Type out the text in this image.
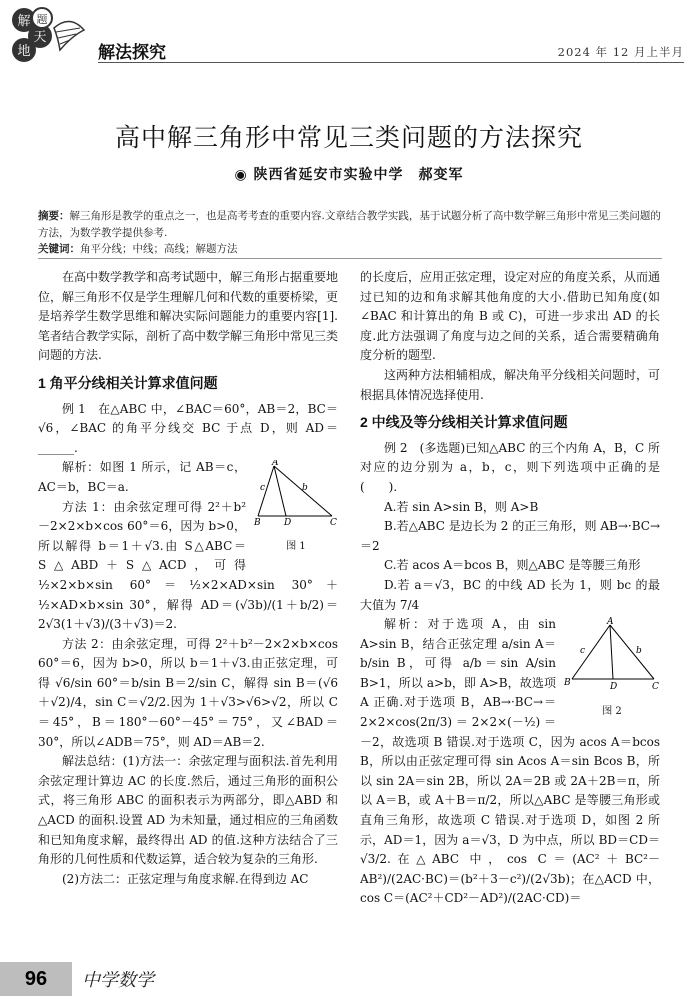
解 题
天
地	解法探究	2024 年 12 月上半月
高中解三角形中常见三类问题的方法探究
◉ 陕西省延安市实验中学　郝变军
摘要：解三角形是教学的重点之一，也是高考考查的重要内容.文章结合教学实践，基于试题分析了高中数学解三角形中常见三类问题的方法，为数学教学提供参考.
关键词：角平分线；中线；高线；解题方法

在高中数学教学和高考试题中，解三角形占据重要地位，解三角形不仅是学生理解几何和代数的重要桥梁，更是培养学生数学思维和解决实际问题能力的重要内容[1].笔者结合教学实际，剖析了高中数学解三角形中常见三类问题的方法.

1 角平分线相关计算求值问题

例 1　在△ABC 中，∠BAC＝60°，AB＝2，BC＝√6，∠BAC 的角平分线交 BC 于点 D，则 AD＝______.

A
B	C
D
c	b
图 1

解析：如图 1 所示，记 AB＝c，AC＝b，BC＝a.

方法 1：由余弦定理可得 2²＋b²－2×2×b×cos 60°＝6，因为 b>0，所以解得 b＝1＋√3.由 S△ABC＝S△ABD＋S△ACD，可得 ½×2×b×sin 60°＝½×2×AD×sin 30°＋½×AD×b×sin 30°，解得 AD＝(√3b)/(1＋b/2)＝2√3(1＋√3)/(3＋√3)＝2.

方法 2：由余弦定理，可得 2²＋b²－2×2×b×cos 60°＝6，因为 b>0，所以 b＝1＋√3.由正弦定理，可得 √6/sin 60°＝b/sin B＝2/sin C，解得 sin B＝(√6＋√2)/4，sin C＝√2/2.因为 1＋√3>√6>√2，所以 C＝45°，B＝180°－60°－45°＝75°，又∠BAD＝30°，所以∠ADB＝75°，则 AD＝AB＝2.

解法总结：(1)方法一：余弦定理与面积法.首先利用余弦定理计算边 AC 的长度.然后，通过三角形的面积公式，将三角形 ABC 的面积表示为两部分，即△ABD 和△ACD 的面积.设置 AD 为未知量，通过相应的三角函数和已知角度求解，最终得出 AD 的值.这种方法结合了三角形的几何性质和代数运算，适合较为复杂的三角形.

(2)方法二：正弦定理与角度求解.在得到边 AC

的长度后，应用正弦定理，设定对应的角度关系，从而通过已知的边和角求解其他角度的大小.借助已知角度(如∠BAC 和计算出的角 B 或 C)，可进一步求出 AD 的长度.此方法强调了角度与边之间的关系，适合需要精确角度分析的题型.

这两种方法相辅相成，解决角平分线相关问题时，可根据具体情况选择使用.

2 中线及等分线相关计算求值问题

例 2　(多选题)已知△ABC 的三个内角 A，B，C 所对应的边分别为 a，b，c，则下列选项中正确的是(　　).

A.若 sin A>sin B，则 A>B

B.若△ABC 是边长为 2 的正三角形，则 AB→·BC→＝2

C.若 acos A＝bcos B，则△ABC 是等腰三角形

D.若 a＝√3，BC 的中线 AD 长为 1，则 bc 的最大值为 7/4

A
B	C
D
c	b
图 2

解析：对于选项 A，由 sin A>sin B，结合正弦定理 a/sin A＝b/sin B，可得 a/b＝sin A/sin B>1，所以 a>b，即 A>B，故选项 A 正确.对于选项 B，AB→·BC→＝2×2×cos(2π/3)＝2×2×(－½)＝－2，故选项 B 错误.对于选项 C，因为 acos A＝bcos B，所以由正弦定理可得 sin Acos A＝sin Bcos B，所以 sin 2A＝sin 2B，所以 2A＝2B 或 2A＋2B＝π，所以 A＝B，或 A＋B＝π/2，所以△ABC 是等腰三角形或直角三角形，故选项 C 错误.对于选项 D，如图 2 所示，AD＝1，因为 a＝√3，D 为中点，所以 BD＝CD＝√3/2.在△ABC 中，cos C＝(AC²＋BC²－AB²)/(2AC·BC)＝(b²＋3－c²)/(2√3b)；在△ACD 中，cos C＝(AC²＋CD²－AD²)/(2AC·CD)＝

96	中学数学
